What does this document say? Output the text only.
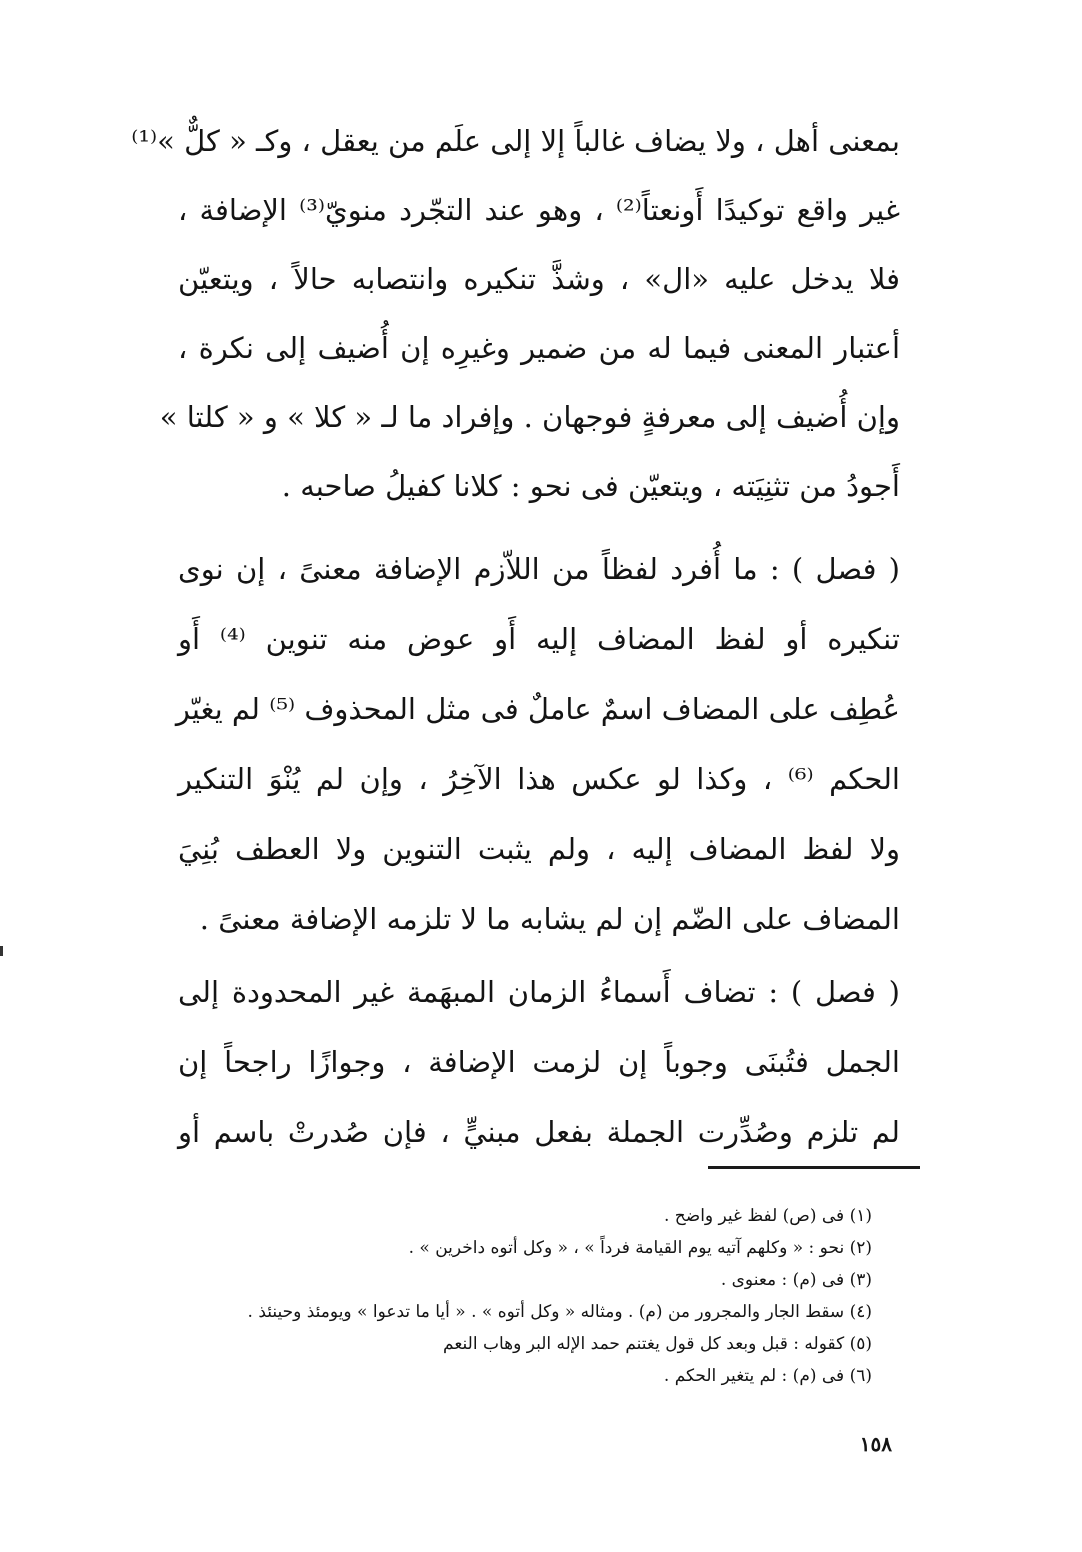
بمعنى أهل ، ولا يضاف غالباً إلا إلى علَم من يعقل ، وكـ « كلٌّ »⁽¹⁾
غير واقع توكيدًا أَونعتاً⁽²⁾ ، وهو عند التجّرد منويّ⁽³⁾ الإضافة ،
فلا يدخل عليه «ال» ، وشذَّ تنكيره وانتصابه حالاً ، ويتعيّن
أعتبار المعنى فيما له من ضمير وغيرِه إن أُضيف إلى نكرة ،
وإن أُضيف إلى معرفةٍ فوجهان . وإفراد ما لـ « كلا » و « كلتا »
أَجودُ من تثنِيَته ، ويتعيّن فى نحو : كلانا كفيلُ صاحبه .
( فصل ) : ما أُفرد لفظاً من اللاّزم الإضافة معنىً ، إن نوى
تنكيره أو لفظ المضاف إليه أَو عوض منه تنوين ⁽⁴⁾ أَو
عُطِف على المضاف اسمٌ عاملٌ فى مثل المحذوف ⁽⁵⁾ لم يغيّر
الحكم ⁽⁶⁾ ، وكذا لو عكس هذا الآخِرُ ، وإن لم يُنْوَ التنكير
ولا لفظ المضاف إليه ، ولم يثبت التنوين ولا العطف بُنِيَ
المضاف على الضّم إن لم يشابه ما لا تلزمه الإضافة معنىً .
( فصل ) : تضاف أَسماءُ الزمان المبهَمة غير المحدودة إلى
الجمل فتُبنَى وجوباً إن لزمت الإضافة ، وجوازًا راجحاً إن
لم تلزم وصُدِّرت الجملة بفعل مبنيٍّ ، فإن صُدرتْ باسم أو
(١) فى (ص) لفظ غير واضح .
(٢) نحو : « وكلهم آتيه يوم القيامة فرداً » ، « وكل أتوه داخرين » .
(٣) فى (م) : معنوى .
(٤) سقط الجار والمجرور من (م) . ومثاله « وكل أتوه » . « أيا ما تدعوا » ويومئذ وحينئذ .
(٥) كقوله : قبل وبعد كل قول يغتنم حمد الإله البر وهاب النعم
(٦) فى (م) : لم يتغير الحكم .
١٥٨
